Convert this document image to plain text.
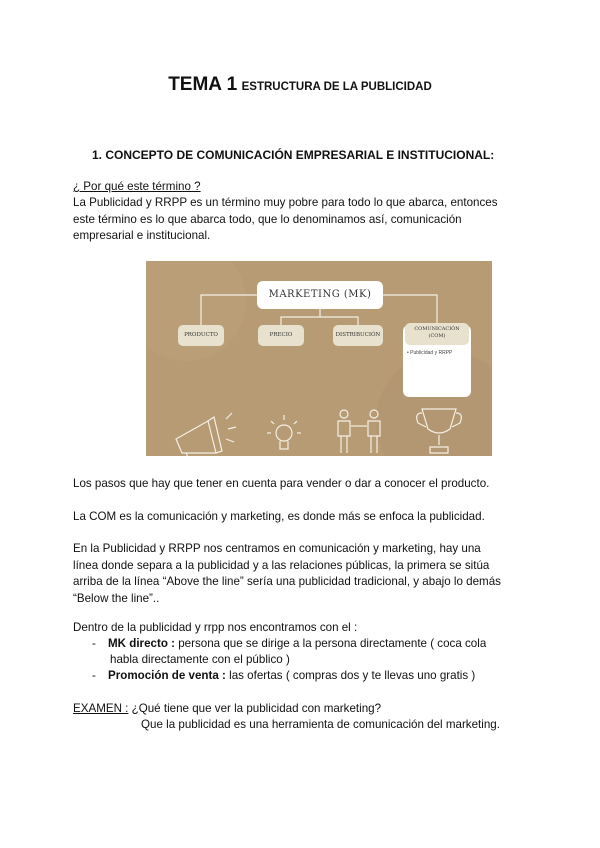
TEMA 1 ESTRUCTURA DE LA PUBLICIDAD
1. CONCEPTO DE COMUNICACIÓN EMPRESARIAL E INSTITUCIONAL:
¿ Por qué este término ?
La Publicidad y RRPP es un término muy pobre para todo lo que abarca, entonces
este término es lo que abarca todo, que lo denominamos así, comunicación
empresarial e institucional.
MARKETING (MK)
PRODUCTO	PRECIO	DISTRIBUCIÓN
COMUNICACIÓN
(COM)
• Publicidad y RRPP
Los pasos que hay que tener en cuenta para vender o dar a conocer el producto.
La COM es la comunicación y marketing, es donde más se enfoca la publicidad.
En la Publicidad y RRPP nos centramos en comunicación y marketing, hay una
línea donde separa a la publicidad y a las relaciones públicas, la primera se sitúa
arriba de la línea “Above the line” sería una publicidad tradicional, y abajo lo demás
“Below the line”..
Dentro de la publicidad y rrpp nos encontramos con el :
- MK directo : persona que se dirige a la persona directamente ( coca cola
habla directamente con el público )
- Promoción de venta : las ofertas ( compras dos y te llevas uno gratis )
EXAMEN : ¿Qué tiene que ver la publicidad con marketing?
Que la publicidad es una herramienta de comunicación del marketing.
